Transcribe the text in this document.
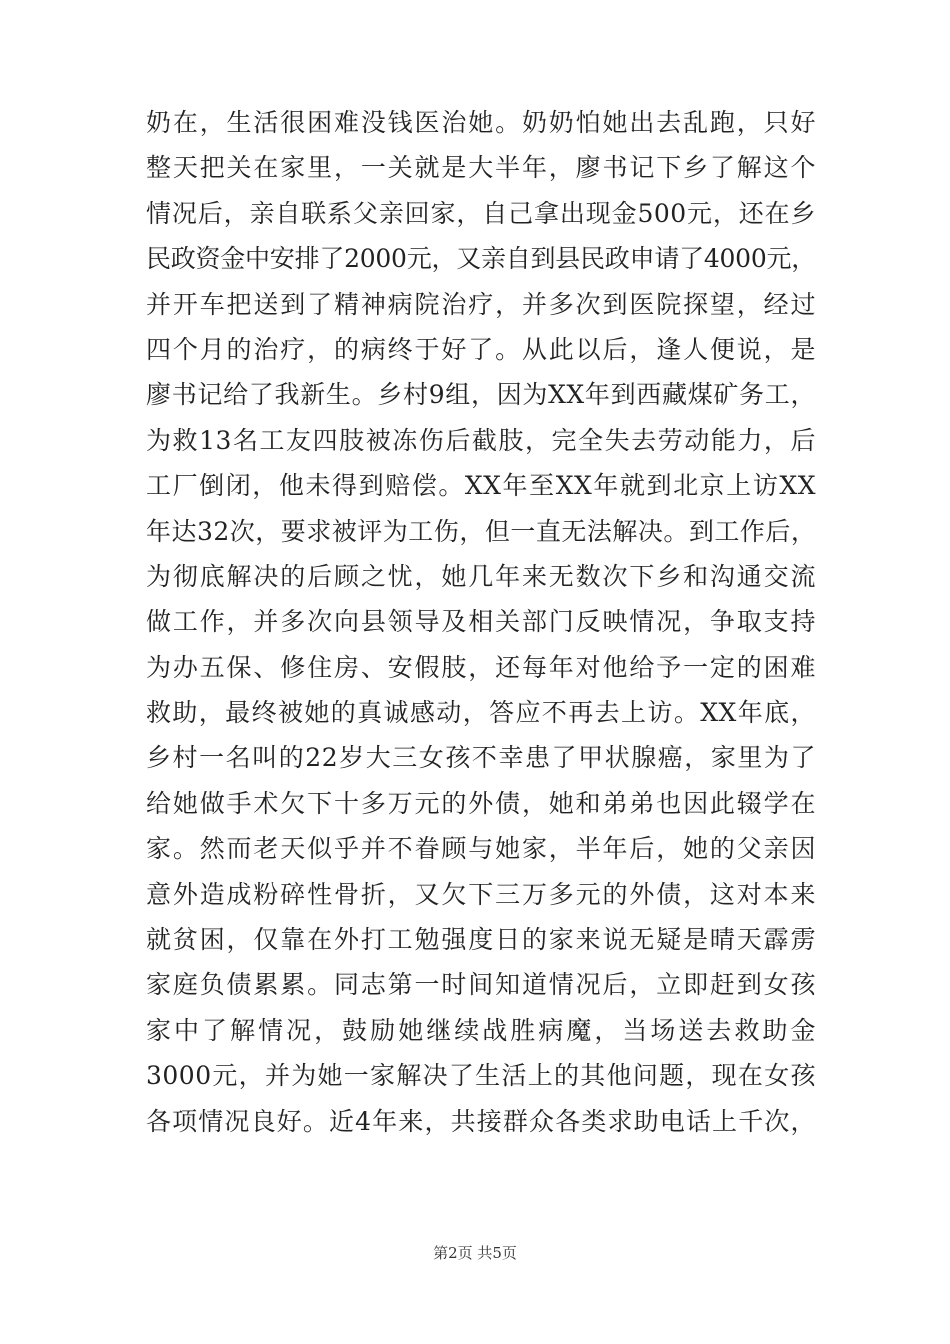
奶在，生活很困难没钱医治她。奶奶怕她出去乱跑，只好
整天把关在家里，一关就是大半年，廖书记下乡了解这个
情况后，亲自联系父亲回家，自己拿出现金500元，还在乡
民政资金中安排了2000元，又亲自到县民政申请了4000元，
并开车把送到了精神病院治疗，并多次到医院探望，经过
四个月的治疗，的病终于好了。从此以后，逢人便说，是
廖书记给了我新生。乡村9组，因为XX年到西藏煤矿务工，
为救13名工友四肢被冻伤后截肢，完全失去劳动能力，后
工厂倒闭，他未得到赔偿。XX年至XX年就到北京上访XX
年达32次，要求被评为工伤，但一直无法解决。到工作后，
为彻底解决的后顾之忧，她几年来无数次下乡和沟通交流
做工作，并多次向县领导及相关部门反映情况，争取支持
为办五保、修住房、安假肢，还每年对他给予一定的困难
救助，最终被她的真诚感动，答应不再去上访。XX年底，
乡村一名叫的22岁大三女孩不幸患了甲状腺癌，家里为了
给她做手术欠下十多万元的外债，她和弟弟也因此辍学在
家。然而老天似乎并不眷顾与她家，半年后，她的父亲因
意外造成粉碎性骨折，又欠下三万多元的外债，这对本来
就贫困，仅靠在外打工勉强度日的家来说无疑是晴天霹雳
家庭负债累累。同志第一时间知道情况后，立即赶到女孩
家中了解情况，鼓励她继续战胜病魔，当场送去救助金
3000元，并为她一家解决了生活上的其他问题，现在女孩
各项情况良好。近4年来，共接群众各类求助电话上千次，
第2页 共5页
